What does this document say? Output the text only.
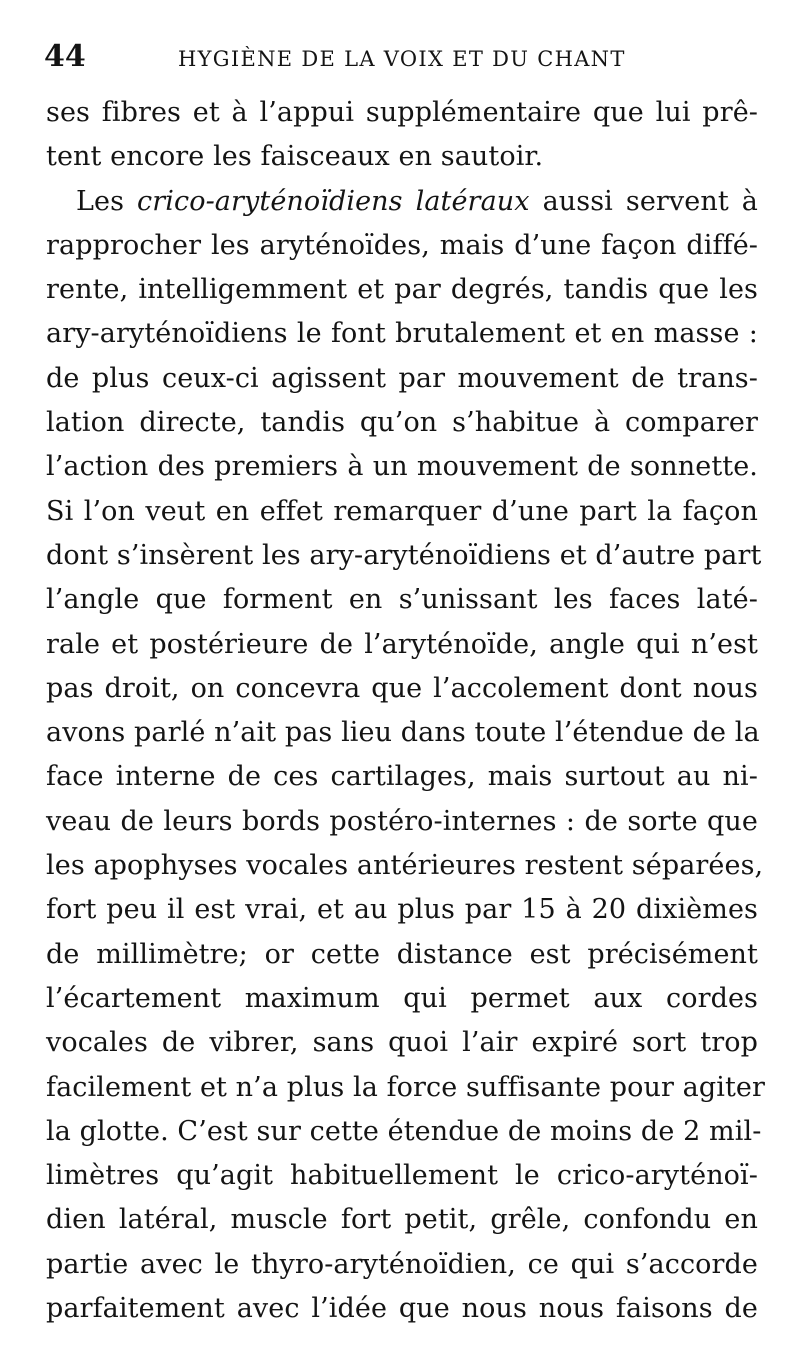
44	HYGIÈNE DE LA VOIX ET DU CHANT
ses fibres et à l’appui supplémentaire que lui prê-
tent encore les faisceaux en sautoir.
Les crico-aryténoïdiens latéraux aussi servent à
rapprocher les aryténoïdes, mais d’une façon diffé-
rente, intelligemment et par degrés, tandis que les
ary-aryténoïdiens le font brutalement et en masse :
de plus ceux-ci agissent par mouvement de trans-
lation directe, tandis qu’on s’habitue à comparer
l’action des premiers à un mouvement de sonnette.
Si l’on veut en effet remarquer d’une part la façon
dont s’insèrent les ary-aryténoïdiens et d’autre part
l’angle que forment en s’unissant les faces laté-
rale et postérieure de l’aryténoïde, angle qui n’est
pas droit, on concevra que l’accolement dont nous
avons parlé n’ait pas lieu dans toute l’étendue de la
face interne de ces cartilages, mais surtout au ni-
veau de leurs bords postéro-internes : de sorte que
les apophyses vocales antérieures restent séparées,
fort peu il est vrai, et au plus par 15 à 20 dixièmes
de millimètre; or cette distance est précisément
l’écartement maximum qui permet aux cordes
vocales de vibrer, sans quoi l’air expiré sort trop
facilement et n’a plus la force suffisante pour agiter
la glotte. C’est sur cette étendue de moins de 2 mil-
limètres qu’agit habituellement le crico-aryténoï-
dien latéral, muscle fort petit, grêle, confondu en
partie avec le thyro-aryténoïdien, ce qui s’accorde
parfaitement avec l’idée que nous nous faisons de
